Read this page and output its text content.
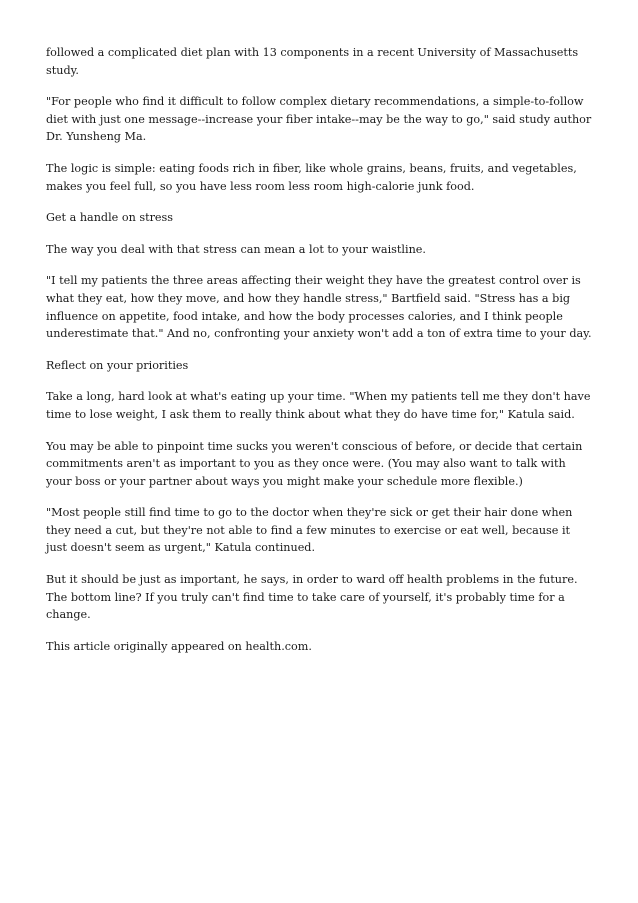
followed a complicated diet plan with 13 components in a recent University of Massachusetts study.

"For people who find it difficult to follow complex dietary recommendations, a simple-to-follow diet with just one message--increase your fiber intake--may be the way to go," said study author Dr. Yunsheng Ma.

The logic is simple: eating foods rich in fiber, like whole grains, beans, fruits, and vegetables, makes you feel full, so you have less room less room high-calorie junk food.

Get a handle on stress

The way you deal with that stress can mean a lot to your waistline.

"I tell my patients the three areas affecting their weight they have the greatest control over is what they eat, how they move, and how they handle stress," Bartfield said. "Stress has a big influence on appetite, food intake, and how the body processes calories, and I think people underestimate that." And no, confronting your anxiety won't add a ton of extra time to your day.

Reflect on your priorities

Take a long, hard look at what's eating up your time. "When my patients tell me they don't have time to lose weight, I ask them to really think about what they do have time for," Katula said.

You may be able to pinpoint time sucks you weren't conscious of before, or decide that certain commitments aren't as important to you as they once were. (You may also want to talk with your boss or your partner about ways you might make your schedule more flexible.)

"Most people still find time to go to the doctor when they're sick or get their hair done when they need a cut, but they're not able to find a few minutes to exercise or eat well, because it just doesn't seem as urgent," Katula continued.

But it should be just as important, he says, in order to ward off health problems in the future. The bottom line? If you truly can't find time to take care of yourself, it's probably time for a change.

This article originally appeared on health.com.
